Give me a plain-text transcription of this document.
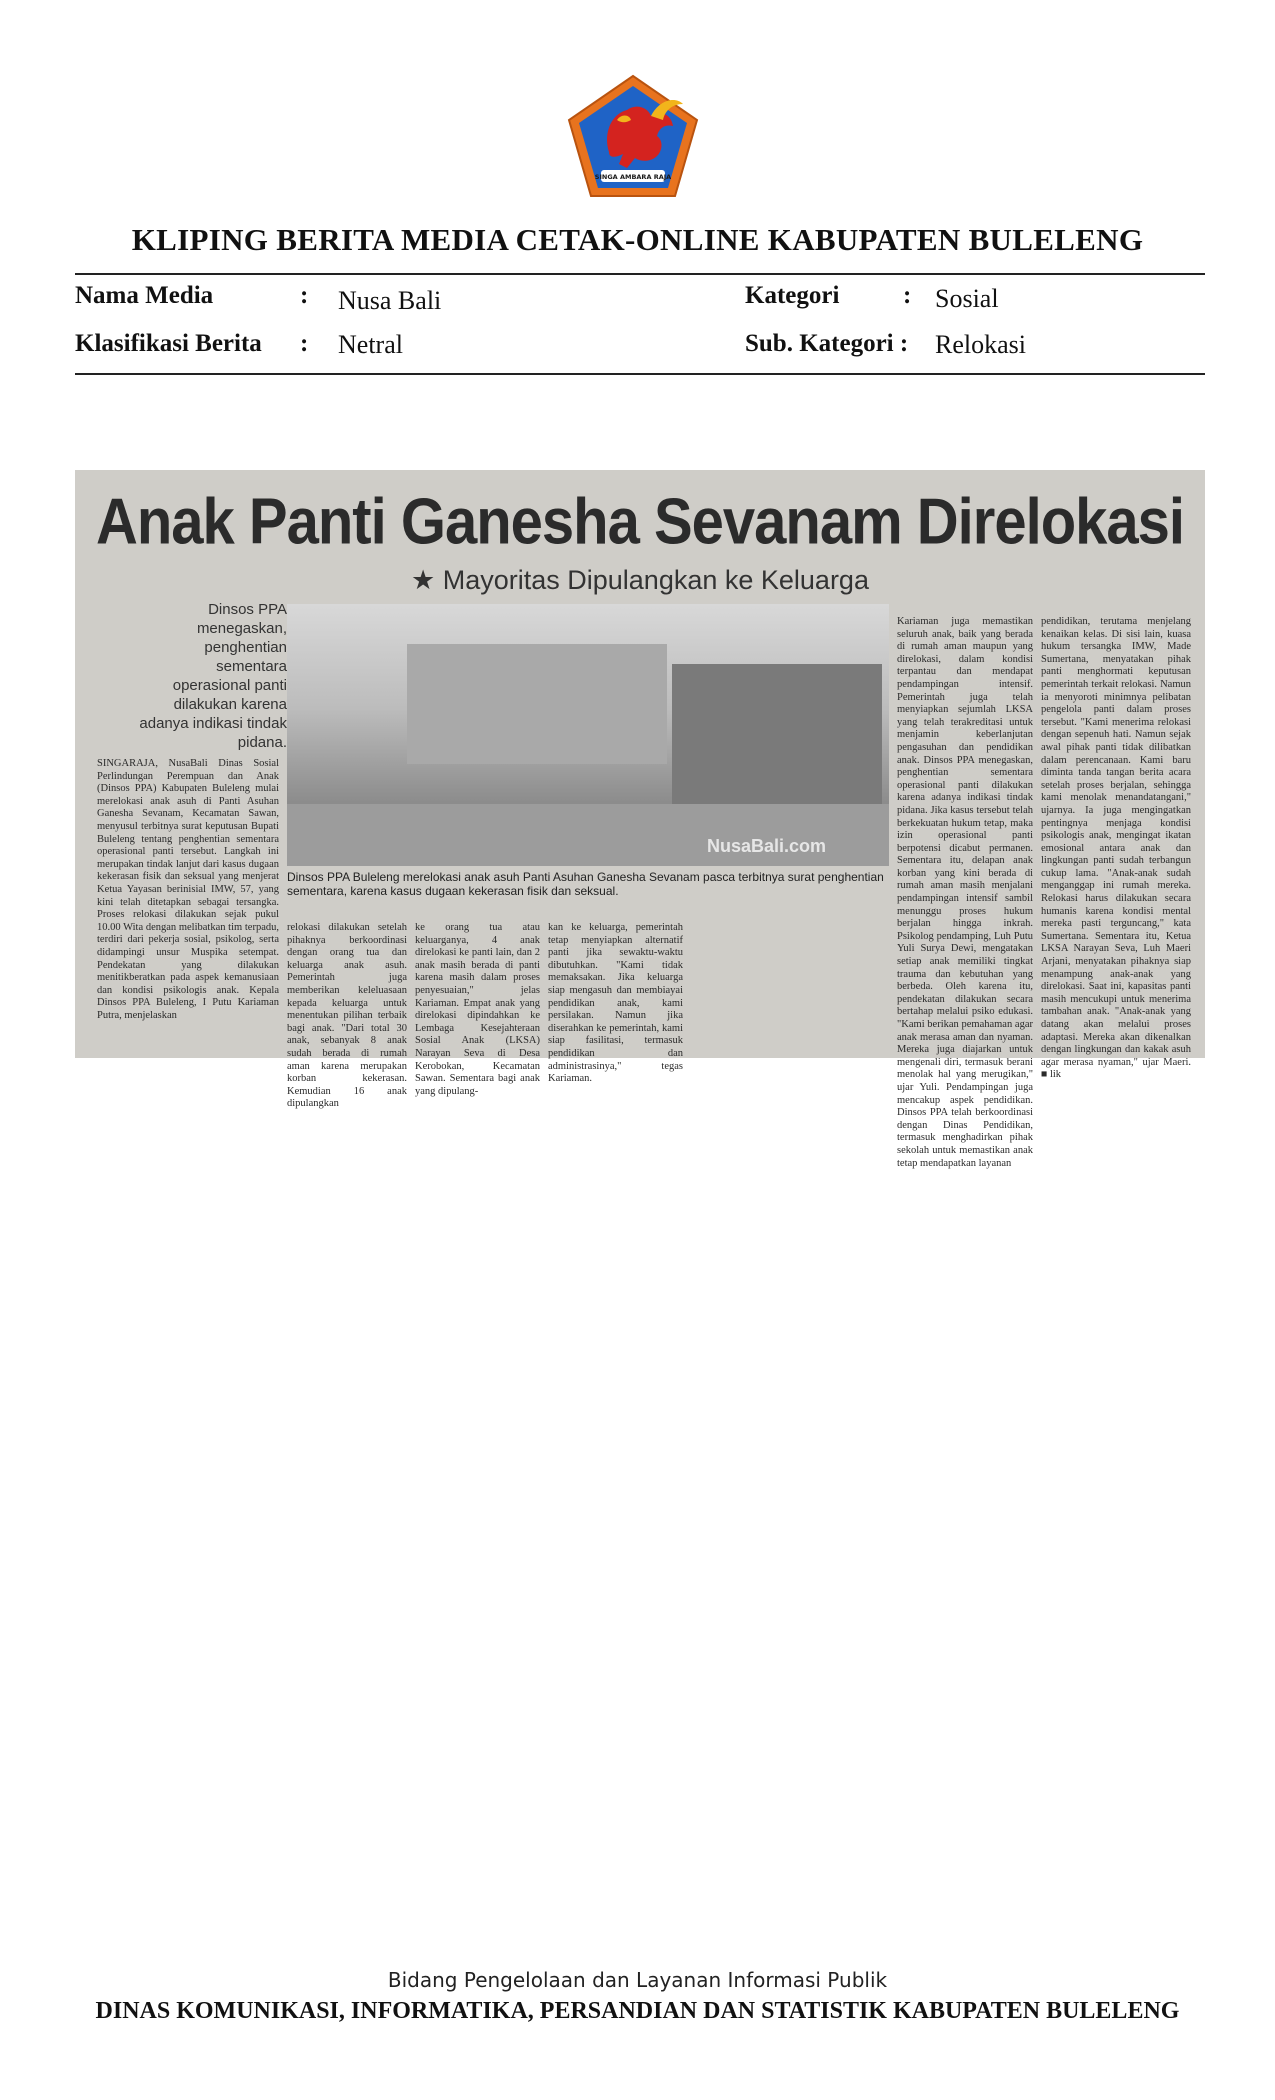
SINGA AMBARA RAJA
KLIPING BERITA MEDIA CETAK-ONLINE KABUPATEN BULELENG
Nama Media	: Nusa Bali	Kategori	: Sosial
Klasifikasi Berita : Netral	Sub. Kategori : Relokasi
Anak Panti Ganesha Sevanam Direlokasi
★ Mayoritas Dipulangkan ke Keluarga
Dinsos PPA menegaskan, penghentian sementara operasional panti dilakukan karena adanya indikasi tindak pidana.
NusaBali.com
Dinsos PPA Buleleng merelokasi anak asuh Panti Asuhan Ganesha Sevanam pasca terbitnya surat penghentian sementara, karena kasus dugaan kekerasan fisik dan seksual.
SINGARAJA, NusaBali Dinas Sosial Perlindungan Perempuan dan Anak (Dinsos PPA) Kabupaten Buleleng mulai merelokasi anak asuh di Panti Asuhan Ganesha Sevanam, Kecamatan Sawan, menyusul terbitnya surat keputusan Bupati Buleleng tentang penghentian sementara operasional panti tersebut. Langkah ini merupakan tindak lanjut dari kasus dugaan kekerasan fisik dan seksual yang menjerat Ketua Yayasan berinisial IMW, 57, yang kini telah ditetapkan sebagai tersangka. Proses relokasi dilakukan sejak pukul 10.00 Wita dengan melibatkan tim terpadu, terdiri dari pekerja sosial, psikolog, serta didampingi unsur Muspika setempat. Pendekatan yang dilakukan menitikberatkan pada aspek kemanusiaan dan kondisi psikologis anak. Kepala Dinsos PPA Buleleng, I Putu Kariaman Putra, menjelaskan
relokasi dilakukan setelah pihaknya berkoordinasi dengan orang tua dan keluarga anak asuh. Pemerintah juga memberikan keleluasaan kepada keluarga untuk menentukan pilihan terbaik bagi anak. "Dari total 30 anak, sebanyak 8 anak sudah berada di rumah aman karena merupakan korban kekerasan. Kemudian 16 anak dipulangkan
ke orang tua atau keluarganya, 4 anak direlokasi ke panti lain, dan 2 anak masih berada di panti karena masih dalam proses penyesuaian," jelas Kariaman. Empat anak yang direlokasi dipindahkan ke Lembaga Kesejahteraan Sosial Anak (LKSA) Narayan Seva di Desa Kerobokan, Kecamatan Sawan. Sementara bagi anak yang dipulang-
kan ke keluarga, pemerintah tetap menyiapkan alternatif panti jika sewaktu-waktu dibutuhkan. "Kami tidak memaksakan. Jika keluarga siap mengasuh dan membiayai pendidikan anak, kami persilakan. Namun jika diserahkan ke pemerintah, kami siap fasilitasi, termasuk pendidikan dan administrasinya," tegas Kariaman.
Kariaman juga memastikan seluruh anak, baik yang berada di rumah aman maupun yang direlokasi, dalam kondisi terpantau dan mendapat pendampingan intensif. Pemerintah juga telah menyiapkan sejumlah LKSA yang telah terakreditasi untuk menjamin keberlanjutan pengasuhan dan pendidikan anak. Dinsos PPA menegaskan, penghentian sementara operasional panti dilakukan karena adanya indikasi tindak pidana. Jika kasus tersebut telah berkekuatan hukum tetap, maka izin operasional panti berpotensi dicabut permanen. Sementara itu, delapan anak korban yang kini berada di rumah aman masih menjalani pendampingan intensif sambil menunggu proses hukum berjalan hingga inkrah. Psikolog pendamping, Luh Putu Yuli Surya Dewi, mengatakan setiap anak memiliki tingkat trauma dan kebutuhan yang berbeda. Oleh karena itu, pendekatan dilakukan secara bertahap melalui psiko edukasi. "Kami berikan pemahaman agar anak merasa aman dan nyaman. Mereka juga diajarkan untuk mengenali diri, termasuk berani menolak hal yang merugikan," ujar Yuli. Pendampingan juga mencakup aspek pendidikan. Dinsos PPA telah berkoordinasi dengan Dinas Pendidikan, termasuk menghadirkan pihak sekolah untuk memastikan anak tetap mendapatkan layanan
pendidikan, terutama menjelang kenaikan kelas. Di sisi lain, kuasa hukum tersangka IMW, Made Sumertana, menyatakan pihak panti menghormati keputusan pemerintah terkait relokasi. Namun ia menyoroti minimnya pelibatan pengelola panti dalam proses tersebut. "Kami menerima relokasi dengan sepenuh hati. Namun sejak awal pihak panti tidak dilibatkan dalam perencanaan. Kami baru diminta tanda tangan berita acara setelah proses berjalan, sehingga kami menolak menandatangani," ujarnya. Ia juga mengingatkan pentingnya menjaga kondisi psikologis anak, mengingat ikatan emosional antara anak dan lingkungan panti sudah terbangun cukup lama. "Anak-anak sudah menganggap ini rumah mereka. Relokasi harus dilakukan secara humanis karena kondisi mental mereka pasti terguncang," kata Sumertana. Sementara itu, Ketua LKSA Narayan Seva, Luh Maeri Arjani, menyatakan pihaknya siap menampung anak-anak yang direlokasi. Saat ini, kapasitas panti masih mencukupi untuk menerima tambahan anak. "Anak-anak yang datang akan melalui proses adaptasi. Mereka akan dikenalkan dengan lingkungan dan kakak asuh agar merasa nyaman," ujar Maeri. ■ lik
Bidang Pengelolaan dan Layanan Informasi Publik
DINAS KOMUNIKASI, INFORMATIKA, PERSANDIAN DAN STATISTIK KABUPATEN BULELENG
